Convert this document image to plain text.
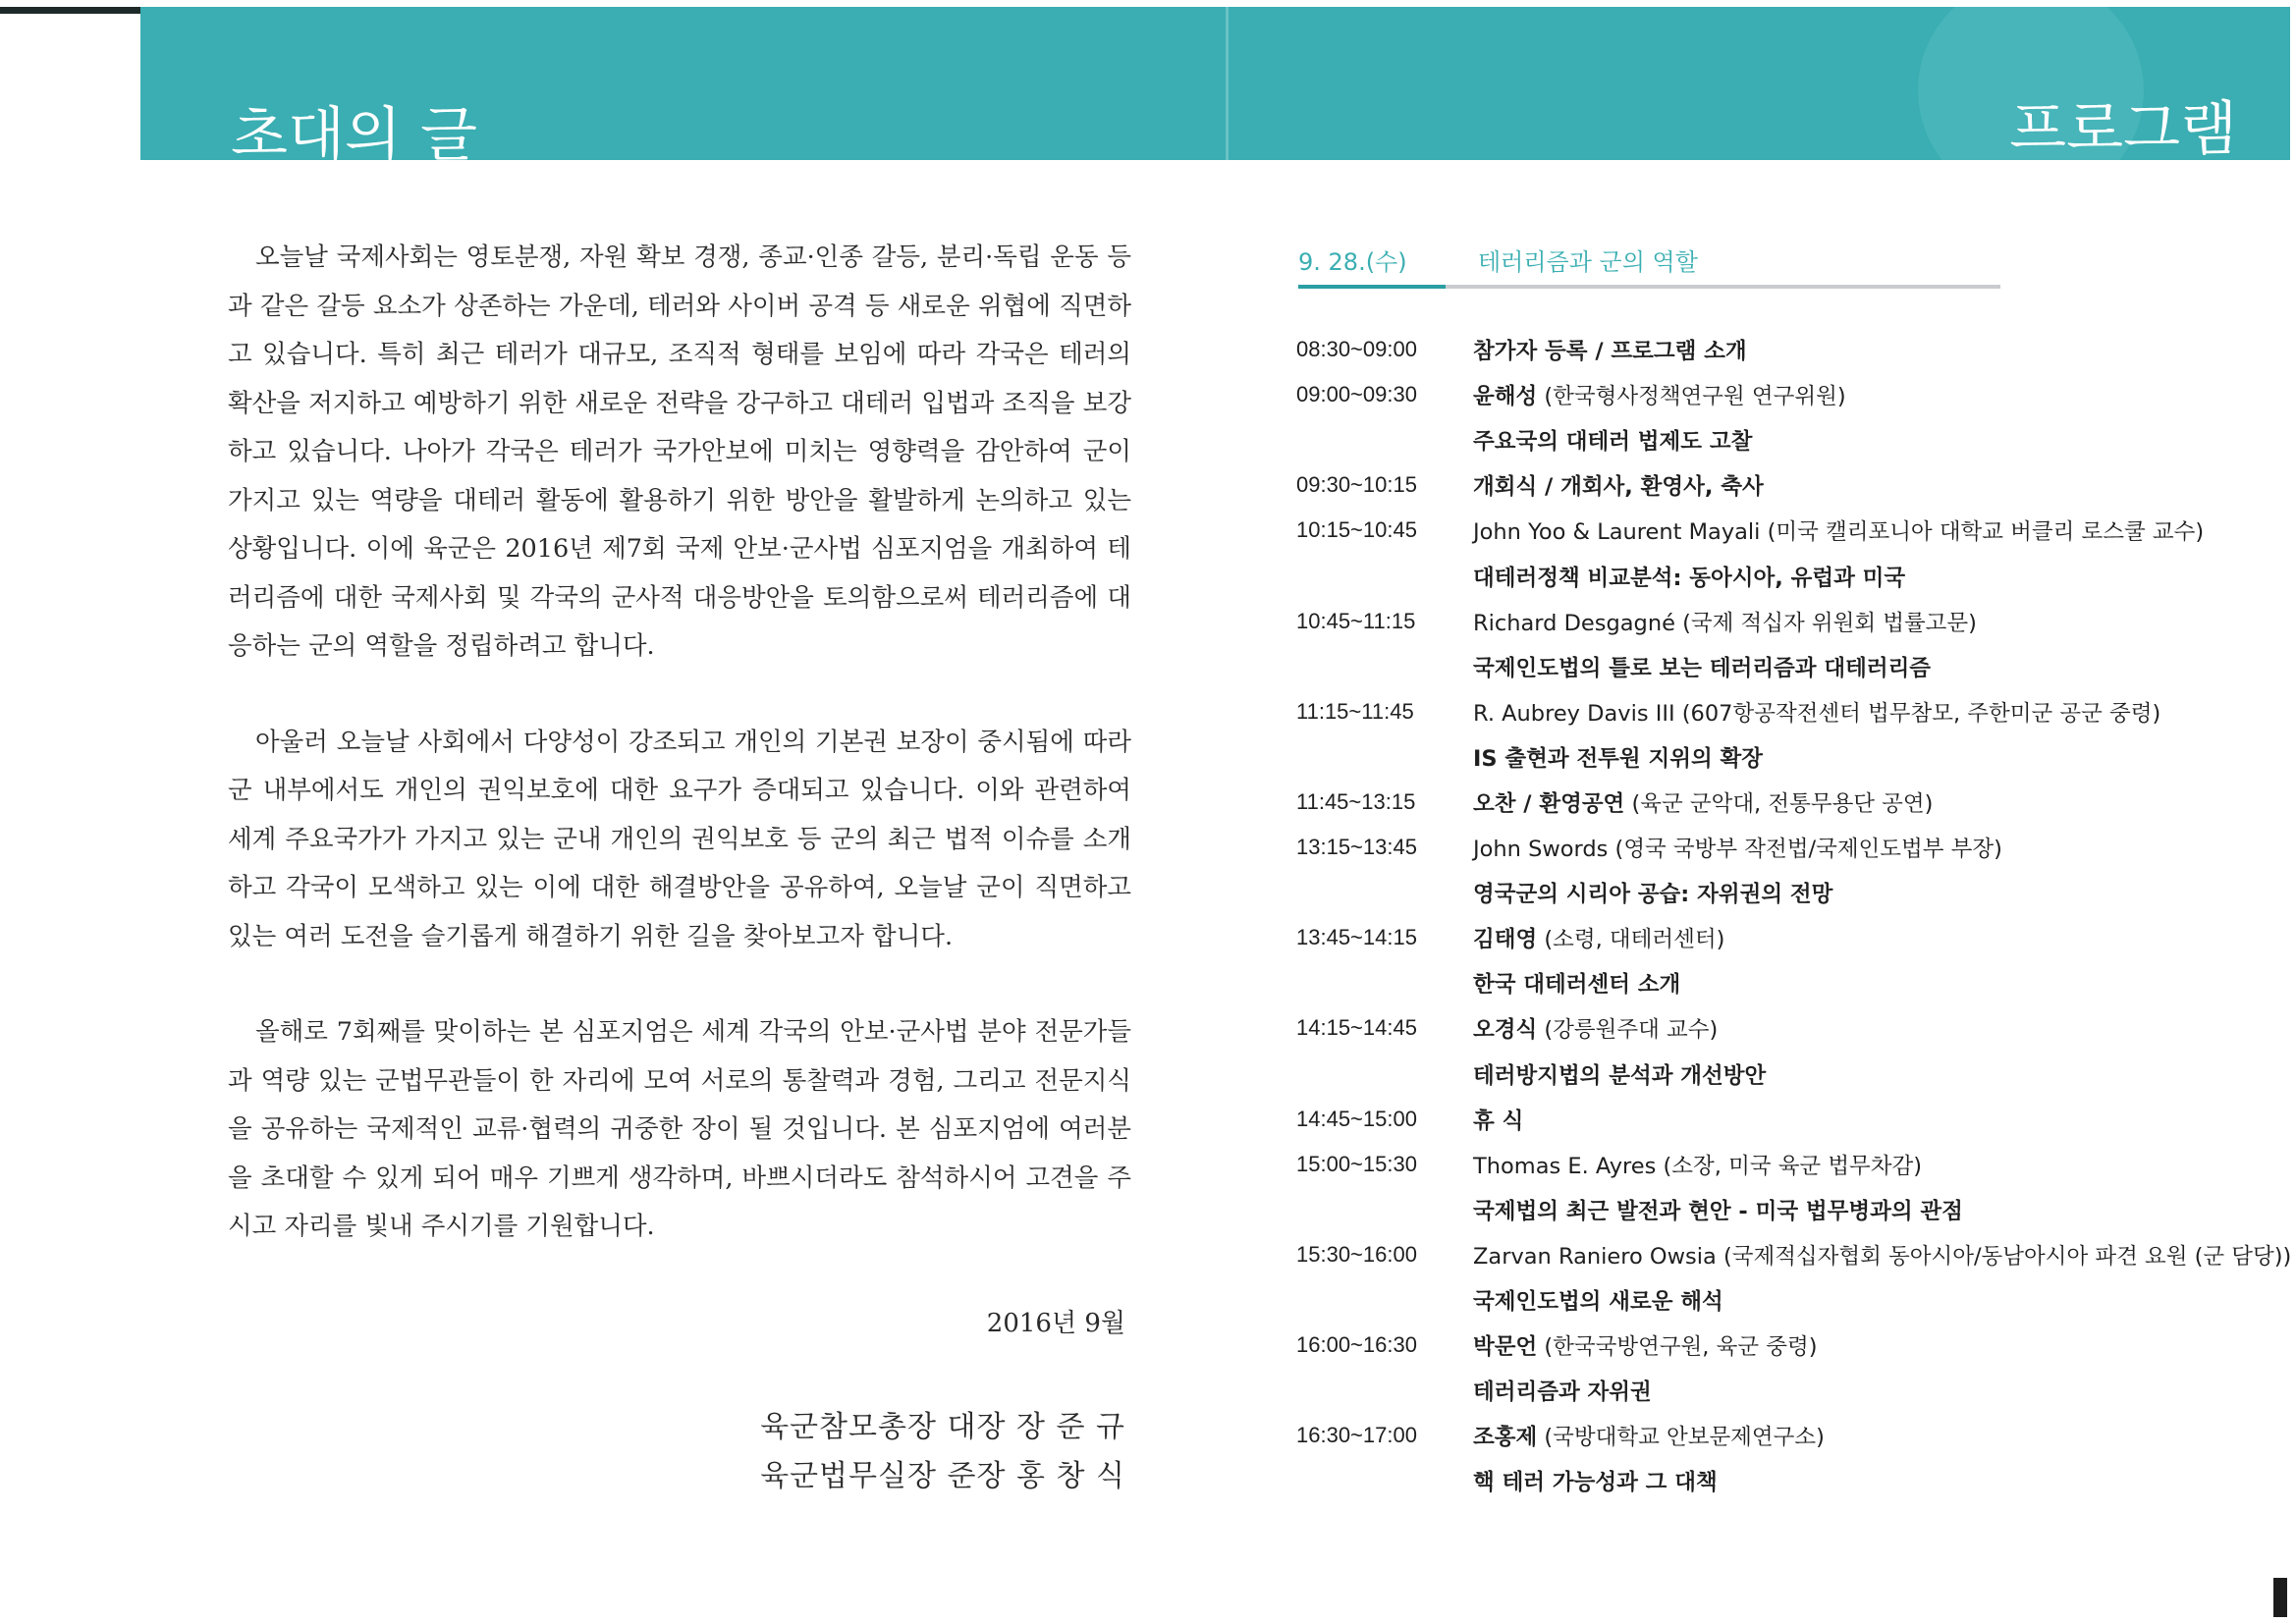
초대의 글	프로그램

오늘날 국제사회는 영토분쟁, 자원 확보 경쟁, 종교·인종 갈등, 분리·독립 운동 등과 같은 갈등 요소가 상존하는 가운데, 테러와 사이버 공격 등 새로운 위협에 직면하고 있습니다. 특히 최근 테러가 대규모, 조직적 형태를 보임에 따라 각국은 테러의 확산을 저지하고 예방하기 위한 새로운 전략을 강구하고 대테러 입법과 조직을 보강하고 있습니다. 나아가 각국은 테러가 국가안보에 미치는 영향력을 감안하여 군이 가지고 있는 역량을 대테러 활동에 활용하기 위한 방안을 활발하게 논의하고 있는 상황입니다. 이에 육군은 2016년 제7회 국제 안보·군사법 심포지엄을 개최하여 테러리즘에 대한 국제사회 및 각국의 군사적 대응방안을 토의함으로써 테러리즘에 대응하는 군의 역할을 정립하려고 합니다.

아울러 오늘날 사회에서 다양성이 강조되고 개인의 기본권 보장이 중시됨에 따라 군 내부에서도 개인의 권익보호에 대한 요구가 증대되고 있습니다. 이와 관련하여 세계 주요국가가 가지고 있는 군내 개인의 권익보호 등 군의 최근 법적 이슈를 소개하고 각국이 모색하고 있는 이에 대한 해결방안을 공유하여, 오늘날 군이 직면하고 있는 여러 도전을 슬기롭게 해결하기 위한 길을 찾아보고자 합니다.

올해로 7회째를 맞이하는 본 심포지엄은 세계 각국의 안보·군사법 분야 전문가들과 역량 있는 군법무관들이 한 자리에 모여 서로의 통찰력과 경험, 그리고 전문지식을 공유하는 국제적인 교류·협력의 귀중한 장이 될 것입니다. 본 심포지엄에 여러분을 초대할 수 있게 되어 매우 기쁘게 생각하며, 바쁘시더라도 참석하시어 고견을 주시고 자리를 빛내 주시기를 기원합니다.

2016년 9월
육군참모총장 대장 장 준 규
육군법무실장 준장 홍 창 식
9. 28.(수)	테러리즘과 군의 역할
08:30~09:00	참가자 등록 / 프로그램 소개
09:00~09:30	윤해성 (한국형사정책연구원 연구위원)
주요국의 대테러 법제도 고찰
09:30~10:15	개회식 / 개회사, 환영사, 축사
10:15~10:45	John Yoo & Laurent Mayali (미국 캘리포니아 대학교 버클리 로스쿨 교수)
대테러정책 비교분석: 동아시아, 유럽과 미국
10:45~11:15	Richard Desgagné (국제 적십자 위원회 법률고문)
국제인도법의 틀로 보는 테러리즘과 대테러리즘
11:15~11:45	R. Aubrey Davis III (607항공작전센터 법무참모, 주한미군 공군 중령)
IS 출현과 전투원 지위의 확장
11:45~13:15	오찬 / 환영공연 (육군 군악대, 전통무용단 공연)
13:15~13:45	John Swords (영국 국방부 작전법/국제인도법부 부장)
영국군의 시리아 공습: 자위권의 전망
13:45~14:15	김태영 (소령, 대테러센터)
한국 대테러센터 소개
14:15~14:45	오경식 (강릉원주대 교수)
테러방지법의 분석과 개선방안
14:45~15:00	휴 식
15:00~15:30	Thomas E. Ayres (소장, 미국 육군 법무차감)
국제법의 최근 발전과 현안 - 미국 법무병과의 관점
15:30~16:00	Zarvan Raniero Owsia (국제적십자협회 동아시아/동남아시아 파견 요원 (군 담당))
국제인도법의 새로운 해석
16:00~16:30	박문언 (한국국방연구원, 육군 중령)
테러리즘과 자위권
16:30~17:00	조홍제 (국방대학교 안보문제연구소)
핵 테러 가능성과 그 대책
